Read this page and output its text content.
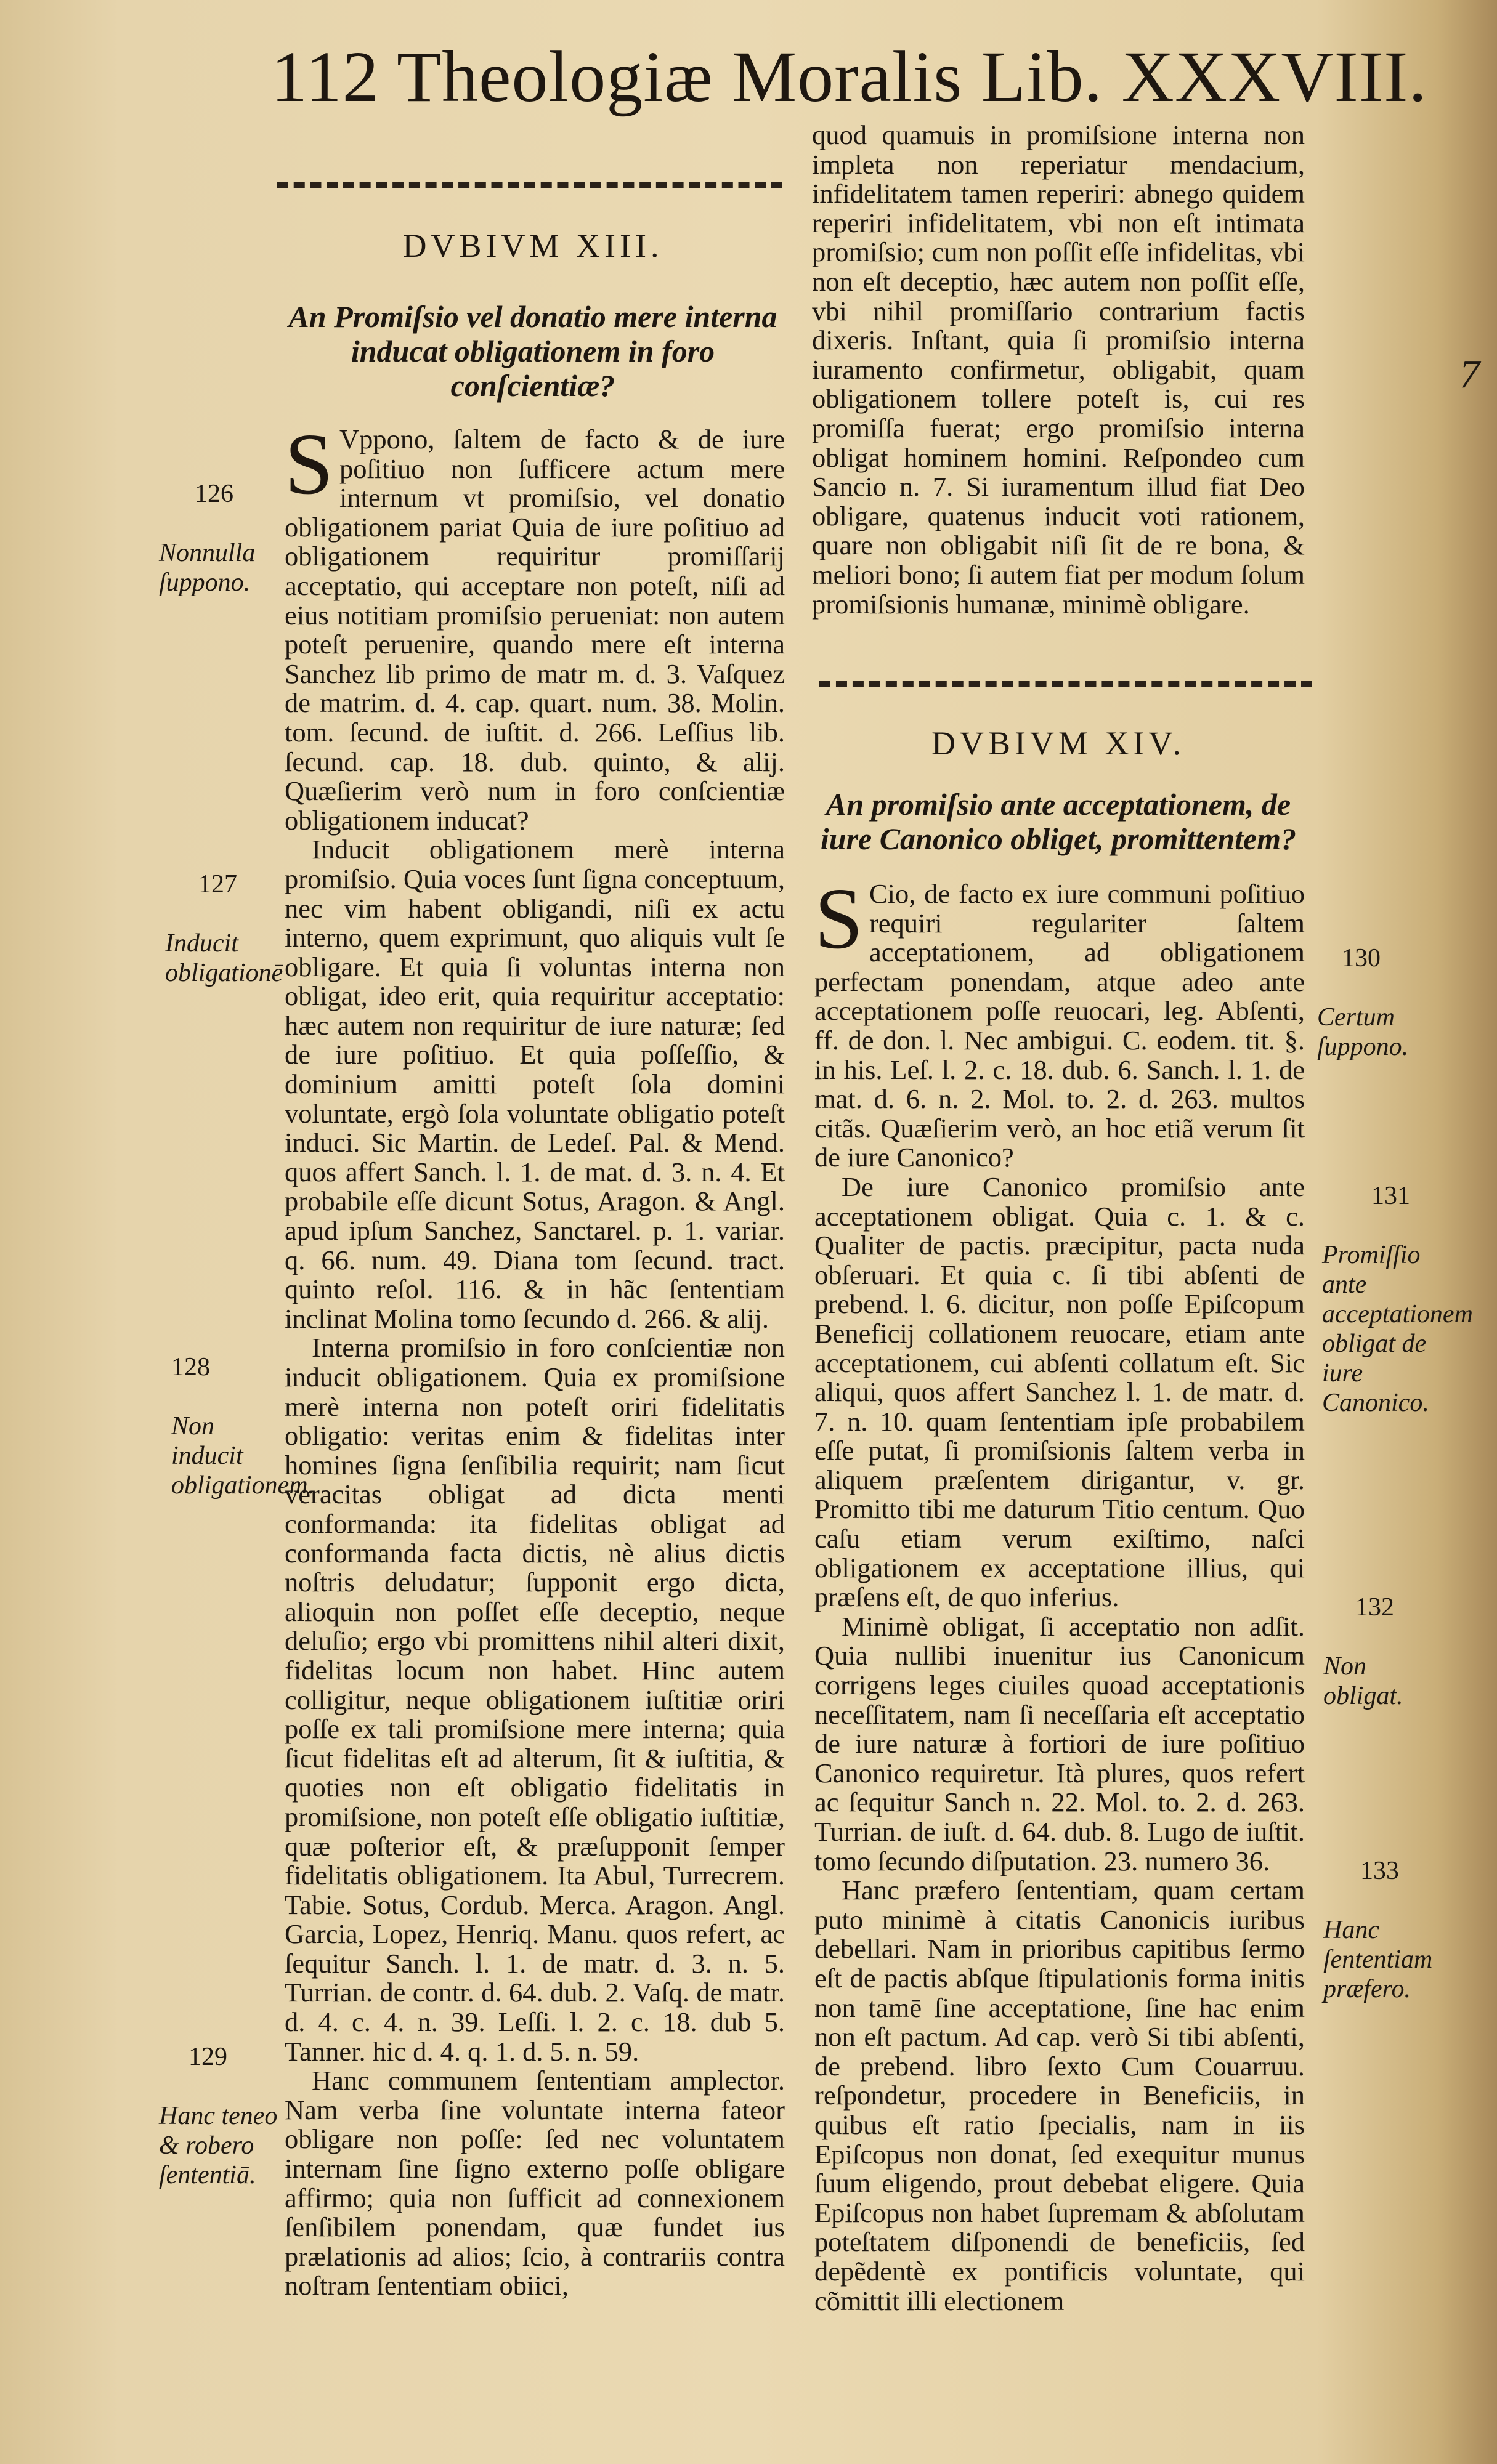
112 Theologiæ Moralis Lib. XXXVIII.
DVBIVM XIII.
An Promiſsio vel donatio mere interna inducat obligationem in foro conſcientiæ?

S Vppono, ſaltem de facto & de iure poſitiuo non ſufficere actum mere internum vt promiſsio, vel donatio obligationem pariat Quia de iure poſitiuo ad obligationem requiritur promiſſarij acceptatio, qui acceptare non poteſt, niſi ad eius notitiam promiſsio perueniat: non autem poteſt peruenire, quando mere eſt interna Sanchez lib primo de matr m. d. 3. Vaſquez de matrim. d. 4. cap. quart. num. 38. Molin. tom. ſecund. de iuſtit. d. 266. Leſſius lib. ſecund. cap. 18. dub. quinto, & alij. Quæſierim verò num in foro conſcientiæ obligationem inducat?

Inducit obligationem merè interna promiſsio. Quia voces ſunt ſigna conceptuum, nec vim habent obligandi, niſi ex actu interno, quem exprimunt, quo aliquis vult ſe obligare. Et quia ſi voluntas interna non obligat, ideo erit, quia requiritur acceptatio: hæc autem non requiritur de iure naturæ; ſed de iure poſitiuo. Et quia poſſeſſio, & dominium amitti poteſt ſola domini voluntate, ergò ſola voluntate obligatio poteſt induci. Sic Martin. de Ledeſ. Pal. & Mend. quos affert Sanch. l. 1. de mat. d. 3. n. 4. Et probabile eſſe dicunt Sotus, Aragon. & Angl. apud ipſum Sanchez, Sanctarel. p. 1. variar. q. 66. num. 49. Diana tom ſecund. tract. quinto reſol. 116. & in hãc ſententiam inclinat Molina tomo ſecundo d. 266. & alij.

Interna promiſsio in foro conſcientiæ non inducit obligationem. Quia ex promiſsione merè interna non poteſt oriri fidelitatis obligatio: veritas enim & fidelitas inter homines ſigna ſenſibilia requirit; nam ſicut veracitas obligat ad dicta menti conformanda: ita fidelitas obligat ad conformanda facta dictis, nè alius dictis noſtris deludatur; ſupponit ergo dicta, alioquin non poſſet eſſe deceptio, neque deluſio; ergo vbi promittens nihil alteri dixit, fidelitas locum non habet. Hinc autem colligitur, neque obligationem iuſtitiæ oriri poſſe ex tali promiſsione mere interna; quia ſicut fidelitas eſt ad alterum, ſit & iuſtitia, & quoties non eſt obligatio fidelitatis in promiſsione, non poteſt eſſe obligatio iuſtitiæ, quæ poſterior eſt, & præſupponit ſemper fidelitatis obligationem. Ita Abul, Turrecrem. Tabie. Sotus, Cordub. Merca. Aragon. Angl. Garcia, Lopez, Henriq. Manu. quos refert, ac ſequitur Sanch. l. 1. de matr. d. 3. n. 5. Turrian. de contr. d. 64. dub. 2. Vaſq. de matr. d. 4. c. 4. n. 39. Leſſi. l. 2. c. 18. dub 5. Tanner. hic d. 4. q. 1. d. 5. n. 59.

Hanc communem ſententiam amplector. Nam verba ſine voluntate interna fateor obligare non poſſe: ſed nec voluntatem internam ſine ſigno externo poſſe obligare affirmo; quia non ſufficit ad connexionem ſenſibilem ponendam, quæ fundet ius prælationis ad alios; ſcio, à contrariis contra noſtram ſententiam obiici,

126

Nonnulla ſuppono.

127

Inducit obligationē

128

Non inducit obligationem.

129

Hanc teneo & robero ſententiā.

quod quamuis in promiſsione interna non impleta non reperiatur mendacium, infidelitatem tamen reperiri: abnego quidem reperiri infidelitatem, vbi non eſt intimata promiſsio; cum non poſſit eſſe infidelitas, vbi non eſt deceptio, hæc autem non poſſit eſſe, vbi nihil promiſſario contrarium factis dixeris. Inſtant, quia ſi promiſsio interna iuramento confirmetur, obligabit, quam obligationem tollere poteſt is, cui res promiſſa fuerat; ergo promiſsio interna obligat hominem homini. Reſpondeo cum Sancio n. 7. Si iuramentum illud fiat Deo obligare, quatenus inducit voti rationem, quare non obligabit niſi ſit de re bona, & meliori bono; ſi autem fiat per modum ſolum promiſsionis humanæ, minimè obligare.

DVBIVM XIV.
An promiſsio ante acceptationem, de iure Canonico obliget, promittentem?

S Cio, de facto ex iure communi poſitiuo requiri regulariter ſaltem acceptationem, ad obligationem perfectam ponendam, atque adeo ante acceptationem poſſe reuocari, leg. Abſenti, ff. de don. l. Nec ambigui. C. eodem. tit. §. in his. Leſ. l. 2. c. 18. dub. 6. Sanch. l. 1. de mat. d. 6. n. 2. Mol. to. 2. d. 263. multos citãs. Quæſierim verò, an hoc etiã verum ſit de iure Canonico?

De iure Canonico promiſsio ante acceptationem obligat. Quia c. 1. & c. Qualiter de pactis. præcipitur, pacta nuda obſeruari. Et quia c. ſi tibi abſenti de prebend. l. 6. dicitur, non poſſe Epiſcopum Beneficij collationem reuocare, etiam ante acceptationem, cui abſenti collatum eſt. Sic aliqui, quos affert Sanchez l. 1. de matr. d. 7. n. 10. quam ſententiam ipſe probabilem eſſe putat, ſi promiſsionis ſaltem verba in aliquem præſentem dirigantur, v. gr. Promitto tibi me daturum Titio centum. Quo caſu etiam verum exiſtimo, naſci obligationem ex acceptatione illius, qui præſens eſt, de quo inferius.

Minimè obligat, ſi acceptatio non adſit. Quia nullibi inuenitur ius Canonicum corrigens leges ciuiles quoad acceptationis neceſſitatem, nam ſi neceſſaria eſt acceptatio de iure naturæ à fortiori de iure poſitiuo Canonico requiretur. Ità plures, quos refert ac ſequitur Sanch n. 22. Mol. to. 2. d. 263. Turrian. de iuſt. d. 64. dub. 8. Lugo de iuſtit. tomo ſecundo diſputation. 23. numero 36.

Hanc præfero ſententiam, quam certam puto minimè à citatis Canonicis iuribus debellari. Nam in prioribus capitibus ſermo eſt de pactis abſque ſtipulationis forma initis non tamē ſine acceptatione, ſine hac enim non eſt pactum. Ad cap. verò Si tibi abſenti, de prebend. libro ſexto Cum Couarruu. reſpondetur, procedere in Beneficiis, in quibus eſt ratio ſpecialis, nam in iis Epiſcopus non donat, ſed exequitur munus ſuum eligendo, prout debebat eligere. Quia Epiſcopus non habet ſupremam & abſolutam poteſtatem diſponendi de beneficiis, ſed depẽdentè ex pontificis voluntate, qui cõmittit illi electionem

130

Certum ſuppono.

131

Promiſſio ante acceptationem obligat de iure Canonico.

132

Non obligat.

133

Hanc ſententiam præfero.

7
